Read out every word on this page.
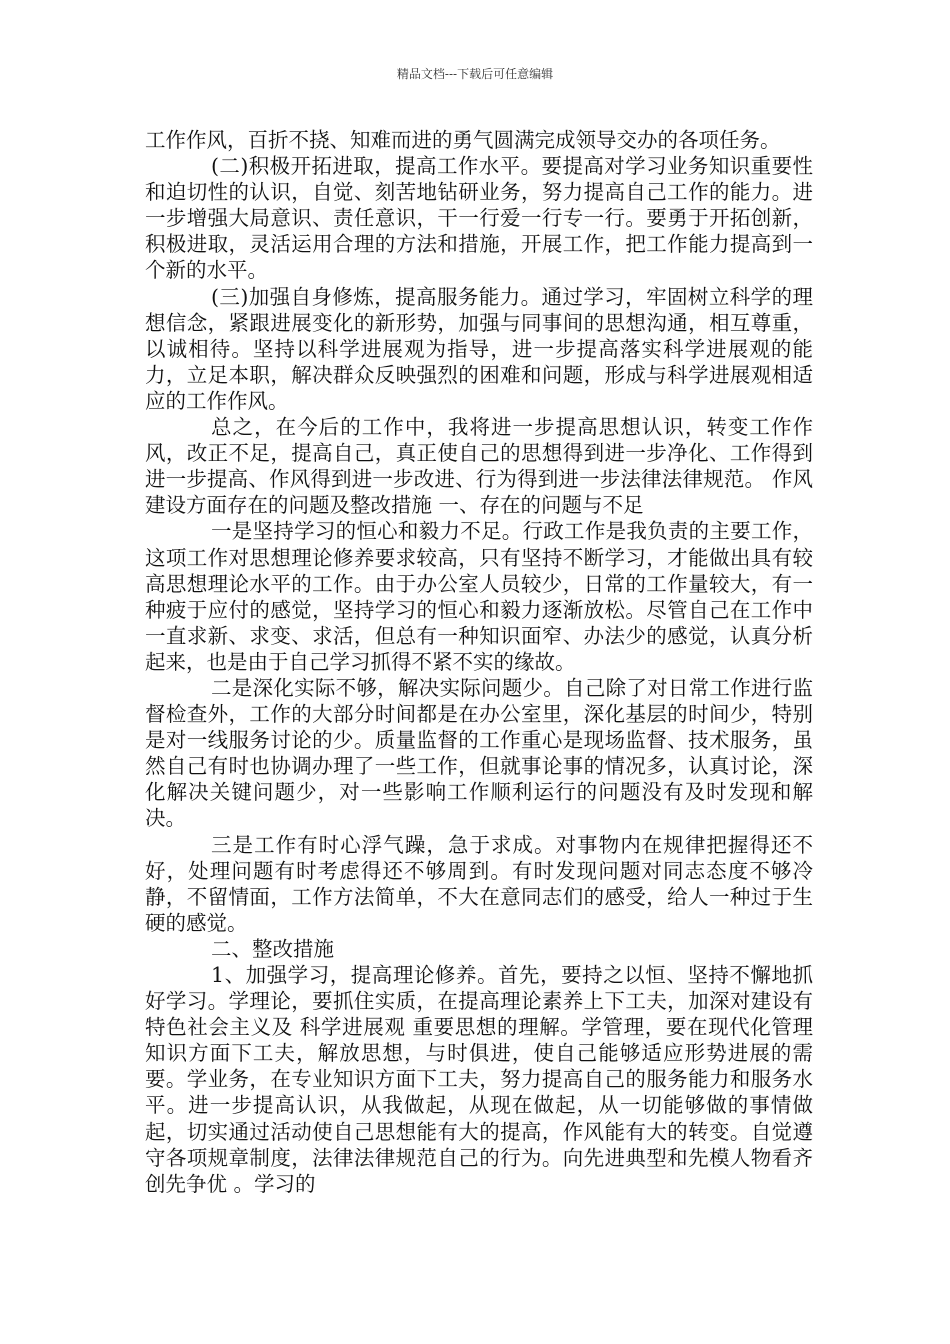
精品文档---下载后可任意编辑

工作作风，百折不挠、知难而进的勇气圆满完成领导交办的各项任务。

(二)积极开拓进取，提高工作水平。要提高对学习业务知识重要性和迫切性的认识，自觉、刻苦地钻研业务，努力提高自己工作的能力。进一步增强大局意识、责任意识，干一行爱一行专一行。要勇于开拓创新，积极进取，灵活运用合理的方法和措施，开展工作，把工作能力提高到一个新的水平。

(三)加强自身修炼，提高服务能力。通过学习，牢固树立科学的理想信念，紧跟进展变化的新形势，加强与同事间的思想沟通，相互尊重，以诚相待。坚持以科学进展观为指导，进一步提高落实科学进展观的能力，立足本职，解决群众反映强烈的困难和问题，形成与科学进展观相适应的工作作风。

总之，在今后的工作中，我将进一步提高思想认识，转变工作作风，改正不足，提高自己，真正使自己的思想得到进一步净化、工作得到进一步提高、作风得到进一步改进、行为得到进一步法律法律规范。 作风建设方面存在的问题及整改措施 一、存在的问题与不足

一是坚持学习的恒心和毅力不足。行政工作是我负责的主要工作，这项工作对思想理论修养要求较高，只有坚持不断学习，才能做出具有较高思想理论水平的工作。由于办公室人员较少，日常的工作量较大，有一种疲于应付的感觉，坚持学习的恒心和毅力逐渐放松。尽管自己在工作中一直求新、求变、求活，但总有一种知识面窄、办法少的感觉，认真分析起来，也是由于自己学习抓得不紧不实的缘故。

二是深化实际不够，解决实际问题少。自己除了对日常工作进行监督检查外，工作的大部分时间都是在办公室里，深化基层的时间少，特别是对一线服务讨论的少。质量监督的工作重心是现场监督、技术服务，虽然自己有时也协调办理了一些工作，但就事论事的情况多，认真讨论，深化解决关键问题少，对一些影响工作顺利运行的问题没有及时发现和解决。

三是工作有时心浮气躁，急于求成。对事物内在规律把握得还不好，处理问题有时考虑得还不够周到。有时发现问题对同志态度不够冷静，不留情面，工作方法简单，不大在意同志们的感受，给人一种过于生硬的感觉。

二、整改措施

1、加强学习，提高理论修养。首先，要持之以恒、坚持不懈地抓好学习。学理论，要抓住实质，在提高理论素养上下工夫，加深对建设有特色社会主义及 科学进展观 重要思想的理解。学管理，要在现代化管理知识方面下工夫，解放思想，与时俱进，使自己能够适应形势进展的需要。学业务，在专业知识方面下工夫，努力提高自己的服务能力和服务水平。进一步提高认识，从我做起，从现在做起，从一切能够做的事情做起，切实通过活动使自己思想能有大的提高，作风能有大的转变。自觉遵守各项规章制度，法律法律规范自己的行为。向先进典型和先模人物看齐 创先争优 。学习的
